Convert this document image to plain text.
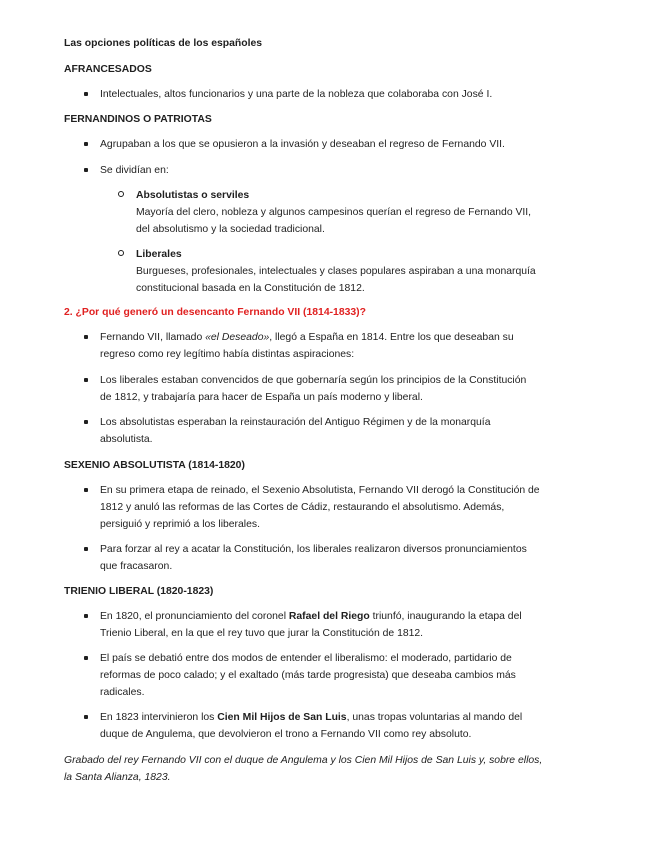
Las opciones políticas de los españoles

AFRANCESADOS

Intelectuales, altos funcionarios y una parte de la nobleza que colaboraba con José I.

FERNANDINOS O PATRIOTAS

Agrupaban a los que se opusieron a la invasión y deseaban el regreso de Fernando VII.

Se dividían en:

Absolutistas o serviles

Mayoría del clero, nobleza y algunos campesinos querían el regreso de Fernando VII,

del absolutismo y la sociedad tradicional.

Liberales

Burgueses, profesionales, intelectuales y clases populares aspiraban a una monarquía

constitucional basada en la Constitución de 1812.

2. ¿Por qué generó un desencanto Fernando VII (1814-1833)?

Fernando VII, llamado «el Deseado», llegó a España en 1814. Entre los que deseaban su

regreso como rey legítimo había distintas aspiraciones:

Los liberales estaban convencidos de que gobernaría según los principios de la Constitución

de 1812, y trabajaría para hacer de España un país moderno y liberal.

Los absolutistas esperaban la reinstauración del Antiguo Régimen y de la monarquía

absolutista.

SEXENIO ABSOLUTISTA (1814-1820)

En su primera etapa de reinado, el Sexenio Absolutista, Fernando VII derogó la Constitución de

1812 y anuló las reformas de las Cortes de Cádiz, restaurando el absolutismo. Además,

persiguió y reprimió a los liberales.

Para forzar al rey a acatar la Constitución, los liberales realizaron diversos pronunciamientos

que fracasaron.

TRIENIO LIBERAL (1820-1823)

En 1820, el pronunciamiento del coronel Rafael del Riego triunfó, inaugurando la etapa del

Trienio Liberal, en la que el rey tuvo que jurar la Constitución de 1812.

El país se debatió entre dos modos de entender el liberalismo: el moderado, partidario de

reformas de poco calado; y el exaltado (más tarde progresista) que deseaba cambios más

radicales.

En 1823 intervinieron los Cien Mil Hijos de San Luis, unas tropas voluntarias al mando del

duque de Angulema, que devolvieron el trono a Fernando VII como rey absoluto.

Grabado del rey Fernando VII con el duque de Angulema y los Cien Mil Hijos de San Luis y, sobre ellos,

la Santa Alianza, 1823.
